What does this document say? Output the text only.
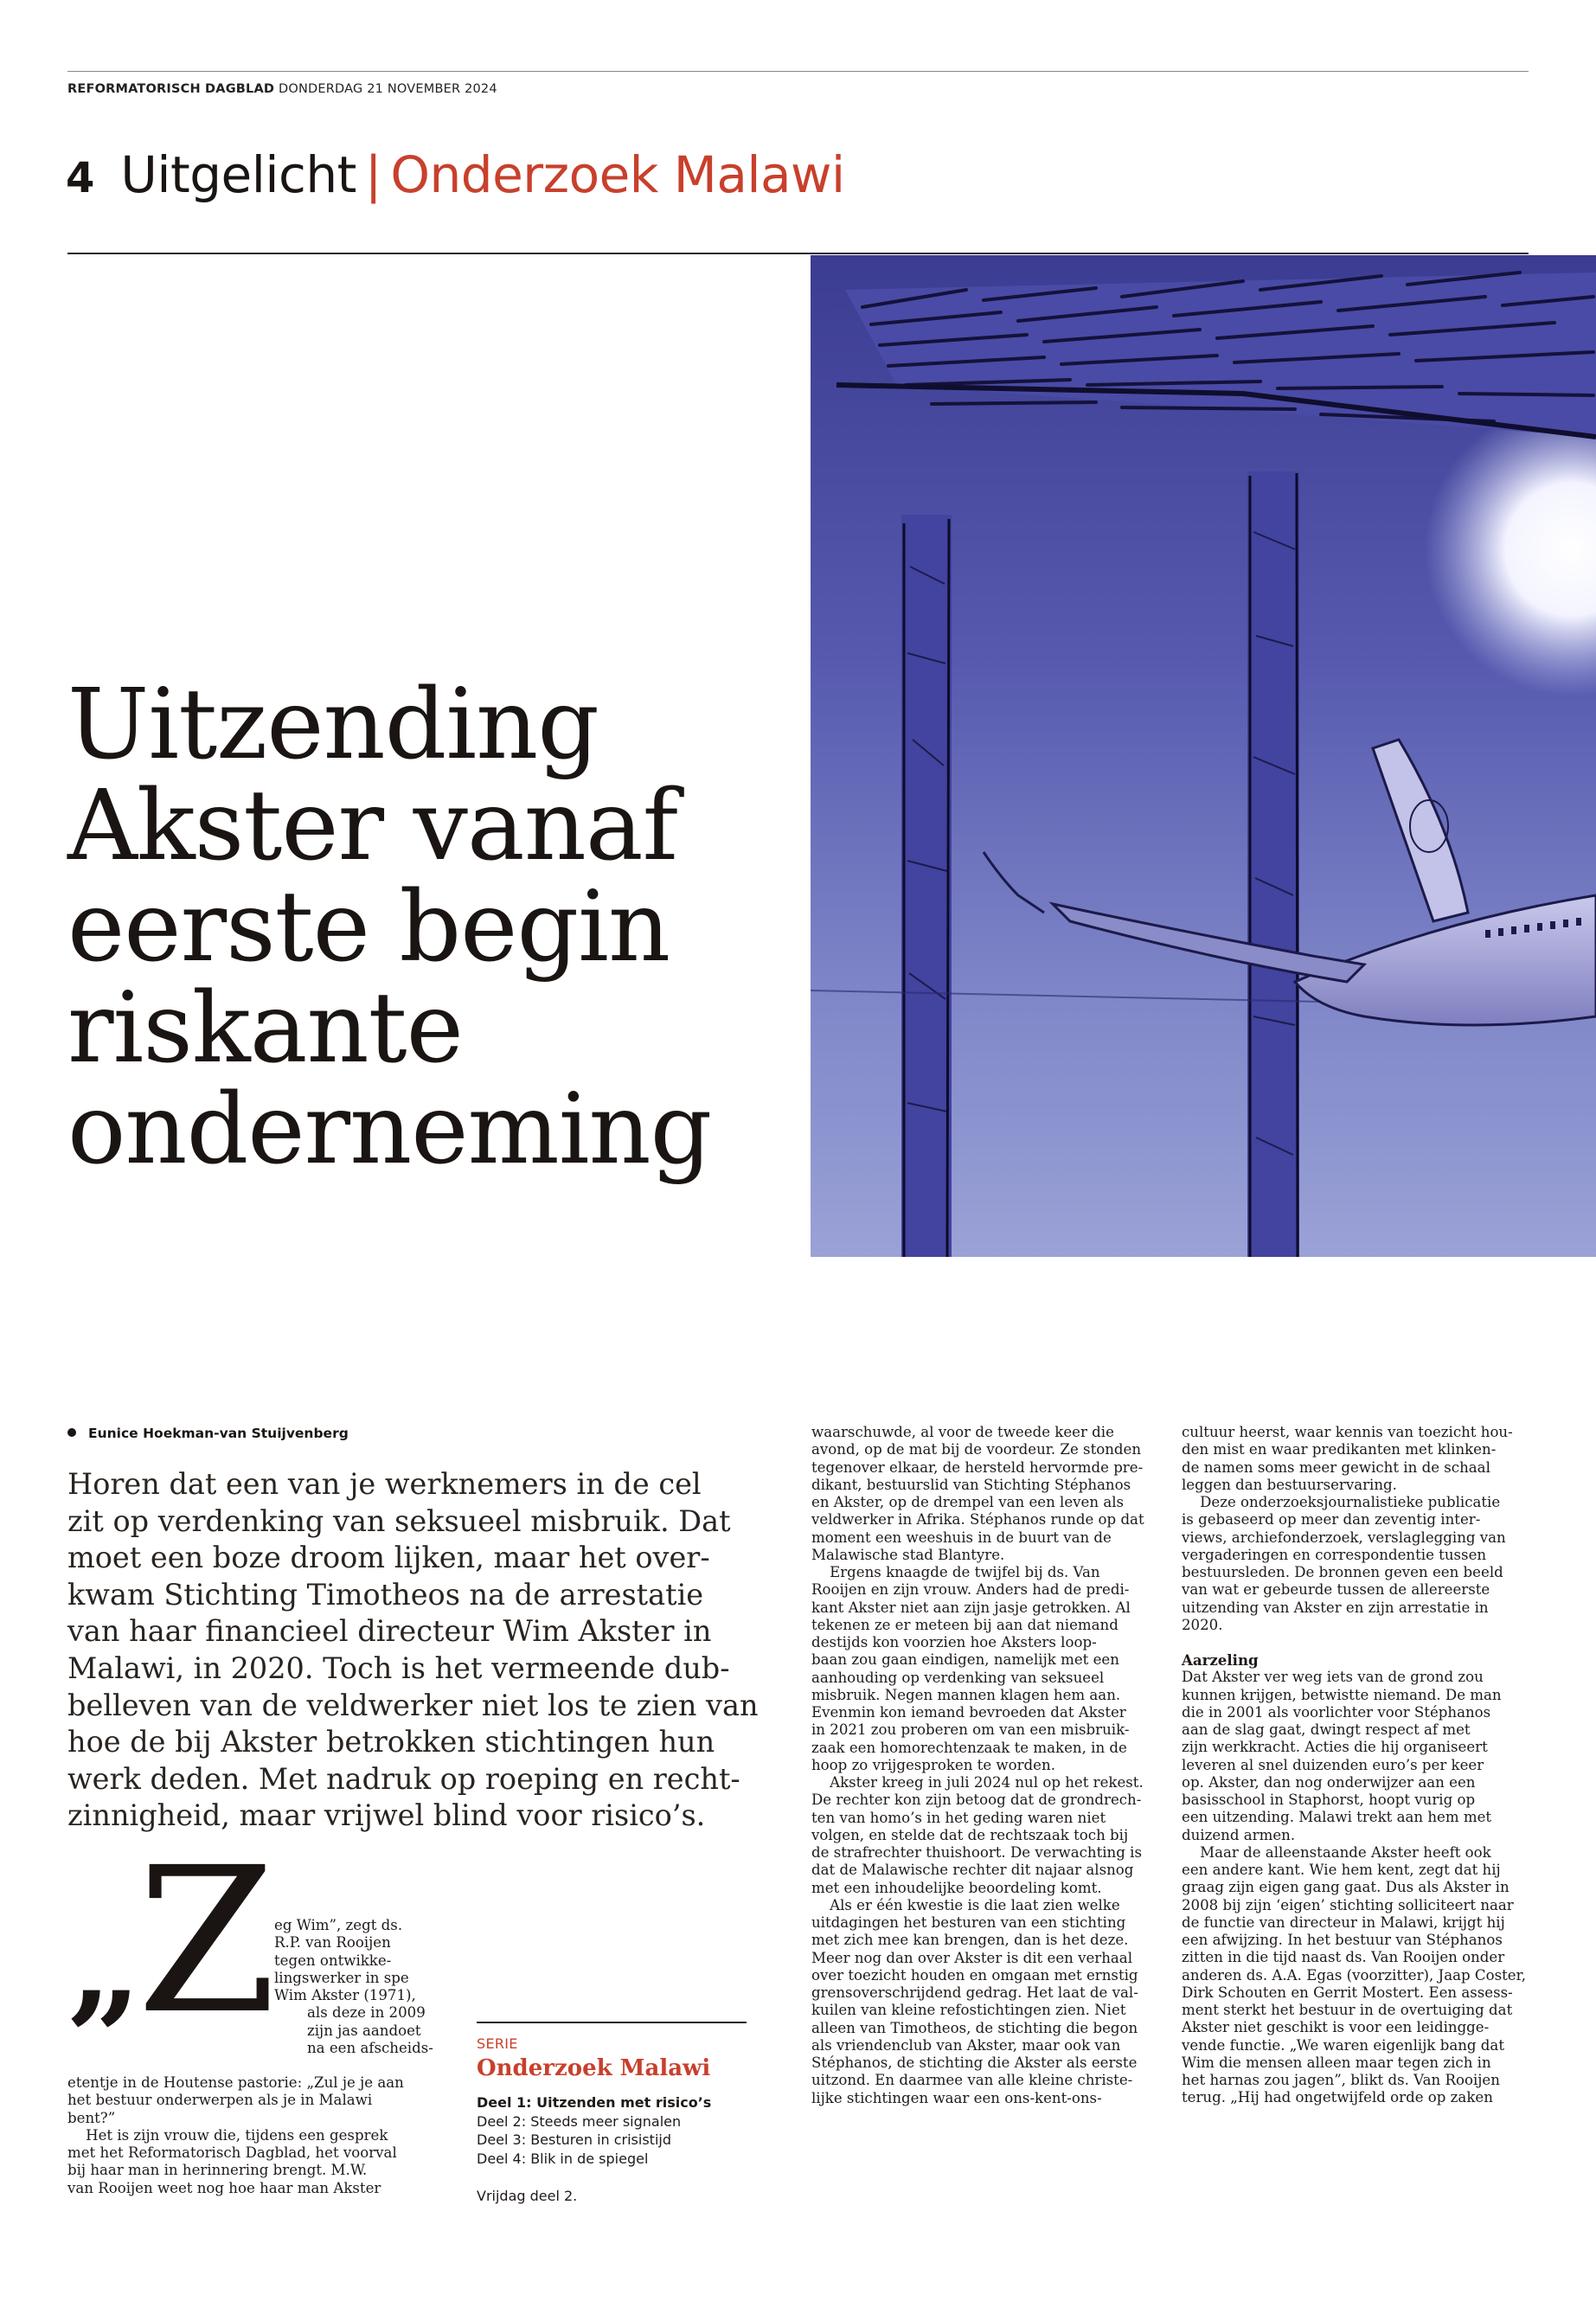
REFORMATORISCH DAGBLAD DONDERDAG 21 NOVEMBER 2024
4 Uitgelicht | Onderzoek Malawi
Uitzending
Akster vanaf
eerste begin
riskante
onderneming
Eunice Hoekman-van Stuijvenberg
Horen dat een van je werknemers in de cel
zit op verdenking van seksueel misbruik. Dat
moet een boze droom lijken, maar het over-
kwam Stichting Timotheos na de arrestatie
van haar financieel directeur Wim Akster in
Malawi, in 2020. Toch is het vermeende dub-
belleven van de veldwerker niet los te zien van
hoe de bij Akster betrokken stichtingen hun
werk deden. Met nadruk op roeping en recht-
zinnigheid, maar vrijwel blind voor risico’s.
„Z
eg Wim”, zegt ds.
R.P. van Rooijen
tegen ontwikke-
lingswerker in spe
Wim Akster (1971),
als deze in 2009
zijn jas aandoet
na een afscheids-
etentje in de Houtense pastorie: „Zul je je aan
het bestuur onderwerpen als je in Malawi
bent?”
Het is zijn vrouw die, tijdens een gesprek
met het Reformatorisch Dagblad, het voorval
bij haar man in herinnering brengt. M.W.
van Rooijen weet nog hoe haar man Akster
SERIE
Onderzoek Malawi
Deel 1: Uitzenden met risico’s
Deel 2: Steeds meer signalen
Deel 3: Besturen in crisistijd
Deel 4: Blik in de spiegel
Vrijdag deel 2.
waarschuwde, al voor de tweede keer die
avond, op de mat bij de voordeur. Ze stonden
tegenover elkaar, de hersteld hervormde pre-
dikant, bestuurslid van Stichting Stéphanos
en Akster, op de drempel van een leven als
veldwerker in Afrika. Stéphanos runde op dat
moment een weeshuis in de buurt van de
Malawische stad Blantyre.
Ergens knaagde de twijfel bij ds. Van
Rooijen en zijn vrouw. Anders had de predi-
kant Akster niet aan zijn jasje getrokken. Al
tekenen ze er meteen bij aan dat niemand
destijds kon voorzien hoe Aksters loop-
baan zou gaan eindigen, namelijk met een
aanhouding op verdenking van seksueel
misbruik. Negen mannen klagen hem aan.
Evenmin kon iemand bevroeden dat Akster
in 2021 zou proberen om van een misbruik-
zaak een homorechtenzaak te maken, in de
hoop zo vrijgesproken te worden.
Akster kreeg in juli 2024 nul op het rekest.
De rechter kon zijn betoog dat de grondrech-
ten van homo’s in het geding waren niet
volgen, en stelde dat de rechtszaak toch bij
de strafrechter thuishoort. De verwachting is
dat de Malawische rechter dit najaar alsnog
met een inhoudelijke beoordeling komt.
Als er één kwestie is die laat zien welke
uitdagingen het besturen van een stichting
met zich mee kan brengen, dan is het deze.
Meer nog dan over Akster is dit een verhaal
over toezicht houden en omgaan met ernstig
grensoverschrijdend gedrag. Het laat de val-
kuilen van kleine refostichtingen zien. Niet
alleen van Timotheos, de stichting die begon
als vriendenclub van Akster, maar ook van
Stéphanos, de stichting die Akster als eerste
uitzond. En daarmee van alle kleine christe-
lijke stichtingen waar een ons-kent-ons-
cultuur heerst, waar kennis van toezicht hou-
den mist en waar predikanten met klinken-
de namen soms meer gewicht in de schaal
leggen dan bestuurservaring.
Deze onderzoeksjournalistieke publicatie
is gebaseerd op meer dan zeventig inter-
views, archiefonderzoek, verslaglegging van
vergaderingen en correspondentie tussen
bestuursleden. De bronnen geven een beeld
van wat er gebeurde tussen de allereerste
uitzending van Akster en zijn arrestatie in
2020.
Aarzeling
Dat Akster ver weg iets van de grond zou
kunnen krijgen, betwistte niemand. De man
die in 2001 als voorlichter voor Stéphanos
aan de slag gaat, dwingt respect af met
zijn werkkracht. Acties die hij organiseert
leveren al snel duizenden euro’s per keer
op. Akster, dan nog onderwijzer aan een
basisschool in Staphorst, hoopt vurig op
een uitzending. Malawi trekt aan hem met
duizend armen.
Maar de alleenstaande Akster heeft ook
een andere kant. Wie hem kent, zegt dat hij
graag zijn eigen gang gaat. Dus als Akster in
2008 bij zijn ‘eigen’ stichting solliciteert naar
de functie van directeur in Malawi, krijgt hij
een afwijzing. In het bestuur van Stéphanos
zitten in die tijd naast ds. Van Rooijen onder
anderen ds. A.A. Egas (voorzitter), Jaap Coster,
Dirk Schouten en Gerrit Mostert. Een assess-
ment sterkt het bestuur in de overtuiging dat
Akster niet geschikt is voor een leidingge-
vende functie. „We waren eigenlijk bang dat
Wim die mensen alleen maar tegen zich in
het harnas zou jagen”, blikt ds. Van Rooijen
terug. „Hij had ongetwijfeld orde op zaken
